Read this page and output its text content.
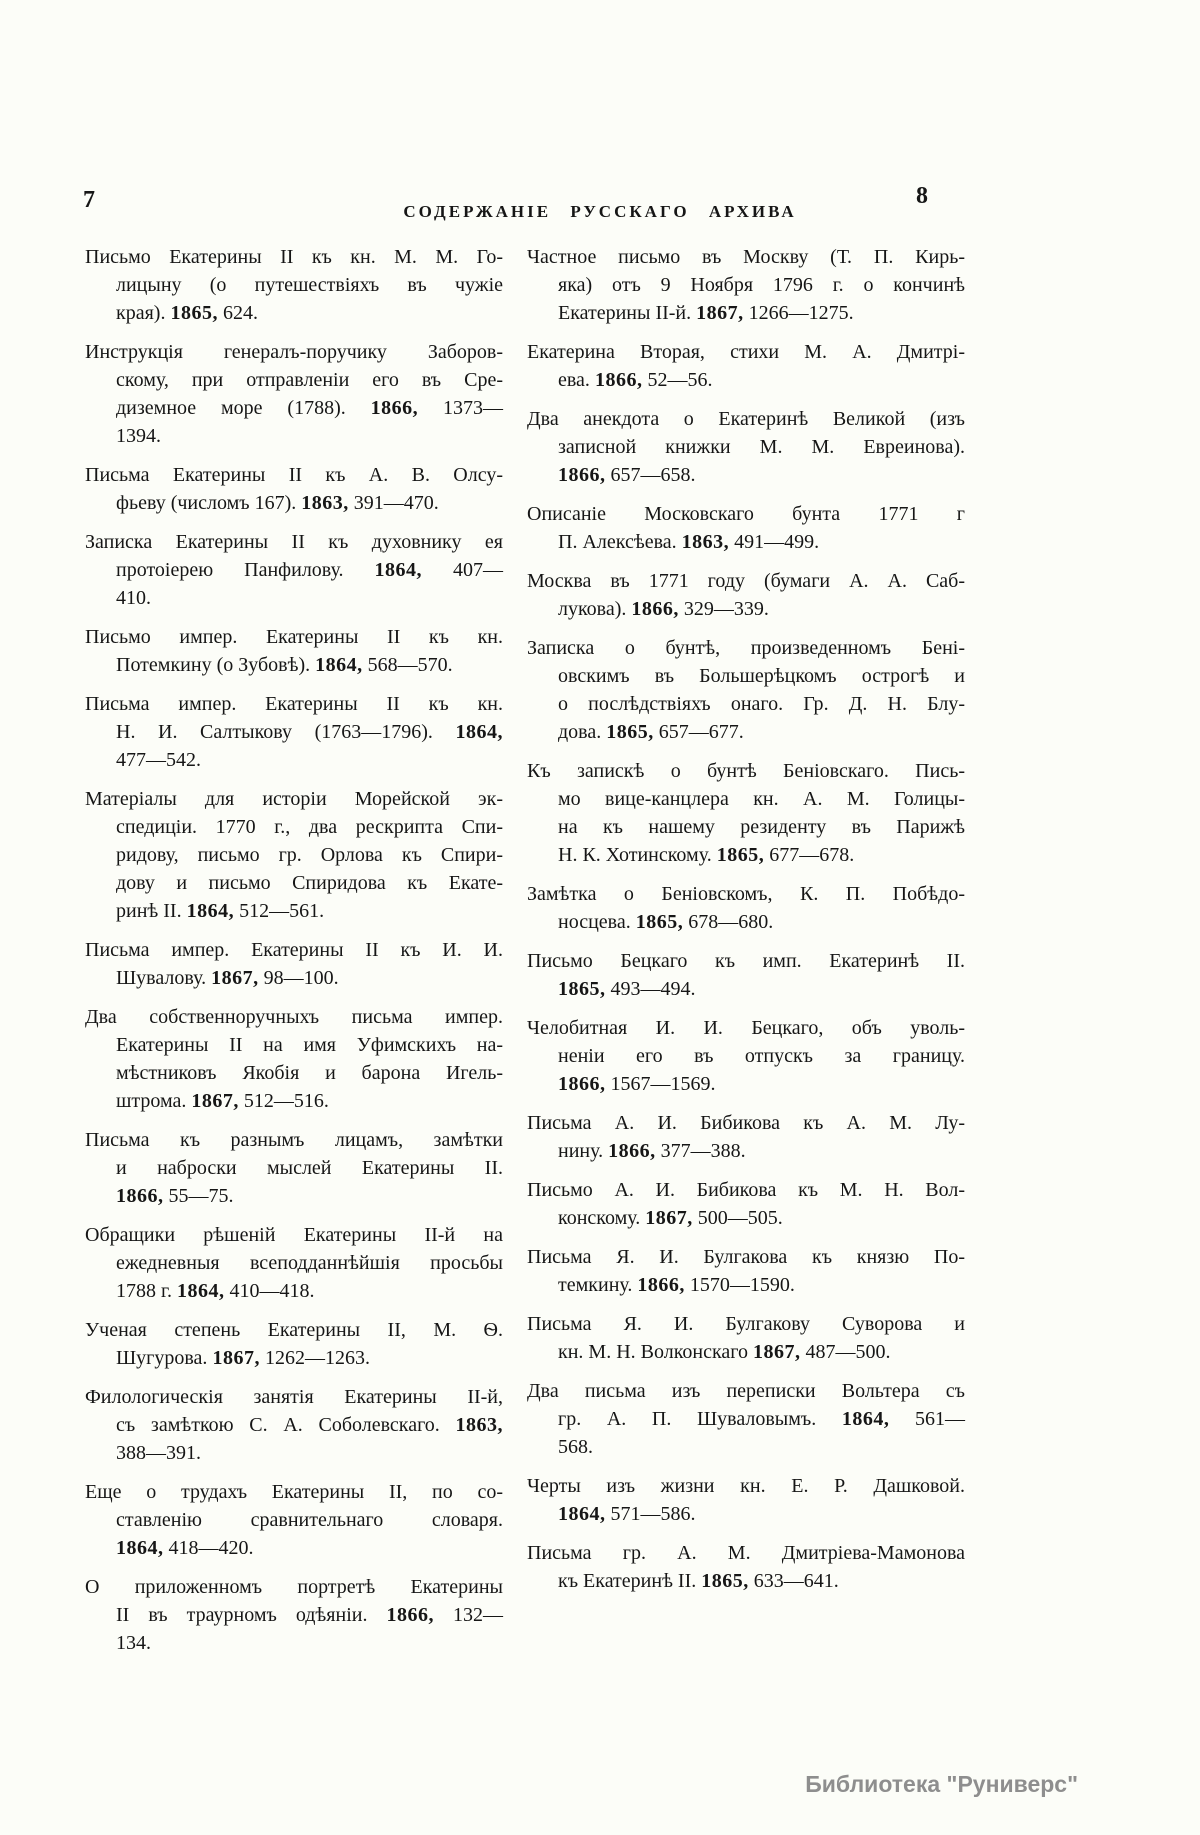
7	СОДЕРЖАНІЕ РУССКАГО АРХИВА
8

Письмо Екатерины II къ кн. М. М. Го-
лицыну (о путешествіяхъ въ чужіе
края). 1865, 624.

Инструкція генералъ-поручику Заборов-
скому, при отправленіи его въ Сре-
диземное море (1788). 1866, 1373—
1394.

Письма Екатерины II къ А. В. Олсу-
фьеву (числомъ 167). 1863, 391—470.

Записка Екатерины II къ духовнику ея
протоіерею Панфилову. 1864, 407—
410.

Письмо импер. Екатерины II къ кн.
Потемкину (о Зубовѣ). 1864, 568—570.

Письма импер. Екатерины II къ кн.
Н. И. Салтыкову (1763—1796). 1864,
477—542.

Матеріалы для исторіи Морейской эк-
спедиціи. 1770 г., два рескрипта Спи-
ридову, письмо гр. Орлова къ Спири-
дову и письмо Спиридова къ Екате-
ринѣ II. 1864, 512—561.

Письма импер. Екатерины II къ И. И.
Шувалову. 1867, 98—100.

Два собственноручныхъ письма импер.
Екатерины II на имя Уфимскихъ на-
мѣстниковъ Якобія и барона Игель-
штрома. 1867, 512—516.

Письма къ разнымъ лицамъ, замѣтки
и наброски мыслей Екатерины II.
1866, 55—75.

Обращики рѣшеній Екатерины II-й на
ежедневныя всеподданнѣйшія просьбы
1788 г. 1864, 410—418.

Ученая степень Екатерины II, М. Ѳ.
Шугурова. 1867, 1262—1263.

Филологическія занятія Екатерины II-й,
съ замѣткою С. А. Соболевскаго. 1863,
388—391.

Еще о трудахъ Екатерины II, по со-
ставленію сравнительнаго словаря.
1864, 418—420.

О приложенномъ портретѣ Екатерины
II въ траурномъ одѣяніи. 1866, 132—
134.

Частное письмо въ Москву (Т. П. Кирь-
яка) отъ 9 Ноября 1796 г. о кончинѣ
Екатерины II-й. 1867, 1266—1275.

Екатерина Вторая, стихи М. А. Дмитрі-
ева. 1866, 52—56.

Два анекдота о Екатеринѣ Великой (изъ
записной книжки М. М. Евреинова).
1866, 657—658.

Описаніе Московскаго бунта 1771 г
П. Алексѣева. 1863, 491—499.

Москва въ 1771 году (бумаги А. А. Саб-
лукова). 1866, 329—339.

Записка о бунтѣ, произведенномъ Бені-
овскимъ въ Большерѣцкомъ острогѣ и
о послѣдствіяхъ онаго. Гр. Д. Н. Блу-
дова. 1865, 657—677.

Къ запискѣ о бунтѣ Беніовскаго. Пись-
мо вице-канцлера кн. А. М. Голицы-
на къ нашему резиденту въ Парижѣ
Н. К. Хотинскому. 1865, 677—678.

Замѣтка о Беніовскомъ, К. П. Побѣдо-
носцева. 1865, 678—680.

Письмо Бецкаго къ имп. Екатеринѣ II.
1865, 493—494.

Челобитная И. И. Бецкаго, объ уволь-
неніи его въ отпускъ за границу.
1866, 1567—1569.

Письма А. И. Бибикова къ А. М. Лу-
нину. 1866, 377—388.

Письмо А. И. Бибикова къ М. Н. Вол-
конскому. 1867, 500—505.

Письма Я. И. Булгакова къ князю По-
темкину. 1866, 1570—1590.

Письма Я. И. Булгакову Суворова и
кн. М. Н. Волконскаго 1867, 487—500.

Два письма изъ переписки Вольтера съ
гр. А. П. Шуваловымъ. 1864, 561—
568.

Черты изъ жизни кн. Е. Р. Дашковой.
1864, 571—586.

Письма гр. А. М. Дмитріева-Мамонова
къ Екатеринѣ II. 1865, 633—641.

Библиотека "Руниверс"
